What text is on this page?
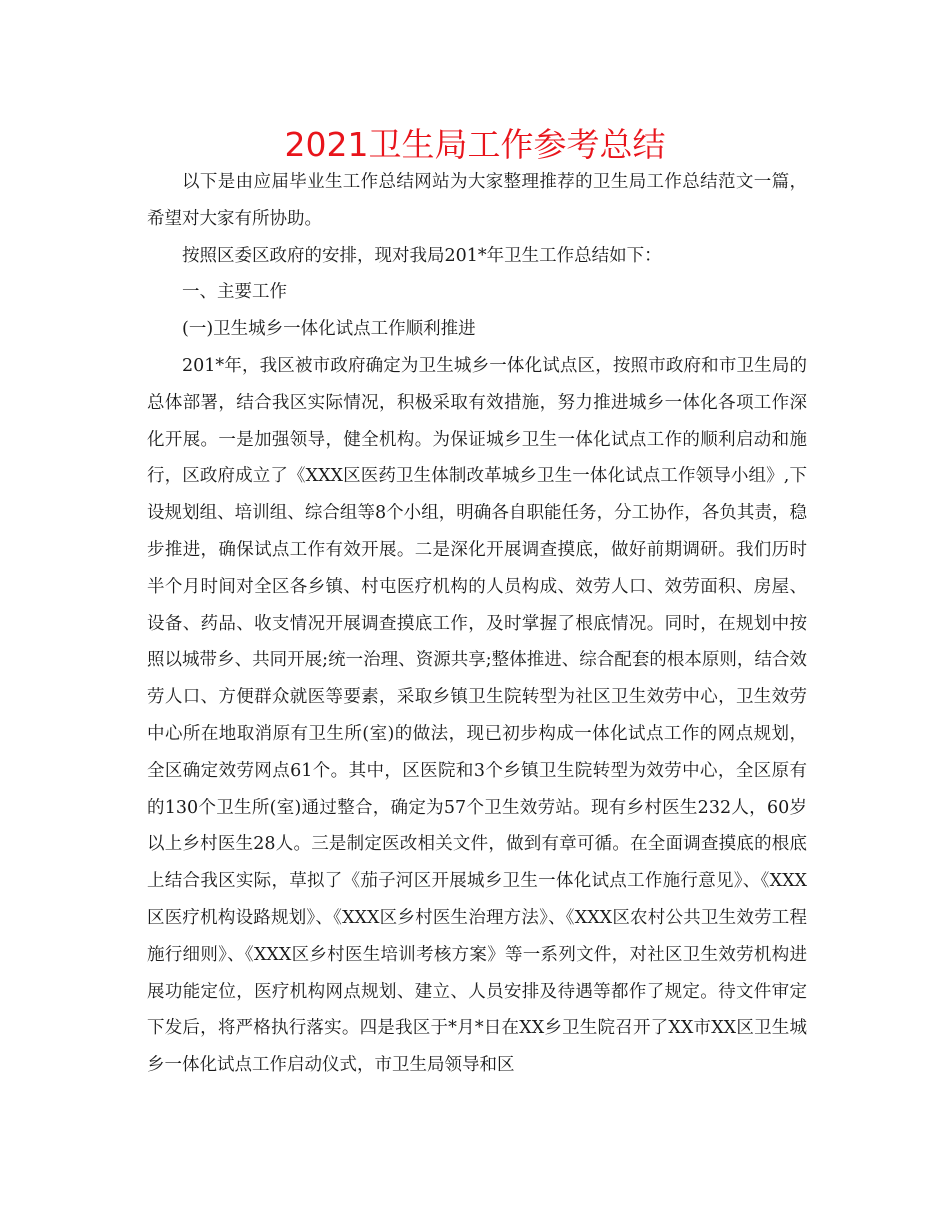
2021卫生局工作参考总结

以下是由应届毕业生工作总结网站为大家整理推荐的卫生局工作总结范文一篇，希望对大家有所协助。

按照区委区政府的安排，现对我局201*年卫生工作总结如下：

一、主要工作

(一)卫生城乡一体化试点工作顺利推进

201*年，我区被市政府确定为卫生城乡一体化试点区，按照市政府和市卫生局的总体部署，结合我区实际情况，积极采取有效措施，努力推进城乡一体化各项工作深化开展。一是加强领导，健全机构。为保证城乡卫生一体化试点工作的顺利启动和施行，区政府成立了《XXX区医药卫生体制改革城乡卫生一体化试点工作领导小组》,下设规划组、培训组、综合组等8个小组，明确各自职能任务，分工协作，各负其责，稳步推进，确保试点工作有效开展。二是深化开展调查摸底，做好前期调研。我们历时半个月时间对全区各乡镇、村屯医疗机构的人员构成、效劳人口、效劳面积、房屋、设备、药品、收支情况开展调查摸底工作，及时掌握了根底情况。同时，在规划中按照以城带乡、共同开展;统一治理、资源共享;整体推进、综合配套的根本原则，结合效劳人口、方便群众就医等要素，采取乡镇卫生院转型为社区卫生效劳中心，卫生效劳中心所在地取消原有卫生所(室)的做法，现已初步构成一体化试点工作的网点规划，全区确定效劳网点61个。其中，区医院和3个乡镇卫生院转型为效劳中心，全区原有的130个卫生所(室)通过整合，确定为57个卫生效劳站。现有乡村医生232人，60岁以上乡村医生28人。三是制定医改相关文件，做到有章可循。在全面调查摸底的根底上结合我区实际，草拟了《茄子河区开展城乡卫生一体化试点工作施行意见》、《XXX区医疗机构设路规划》、《XXX区乡村医生治理方法》、《XXX区农村公共卫生效劳工程施行细则》、《XXX区乡村医生培训考核方案》等一系列文件，对社区卫生效劳机构进展功能定位，医疗机构网点规划、建立、人员安排及待遇等都作了规定。待文件审定下发后，将严格执行落实。四是我区于*月*日在XX乡卫生院召开了XX市XX区卫生城乡一体化试点工作启动仪式，市卫生局领导和区
